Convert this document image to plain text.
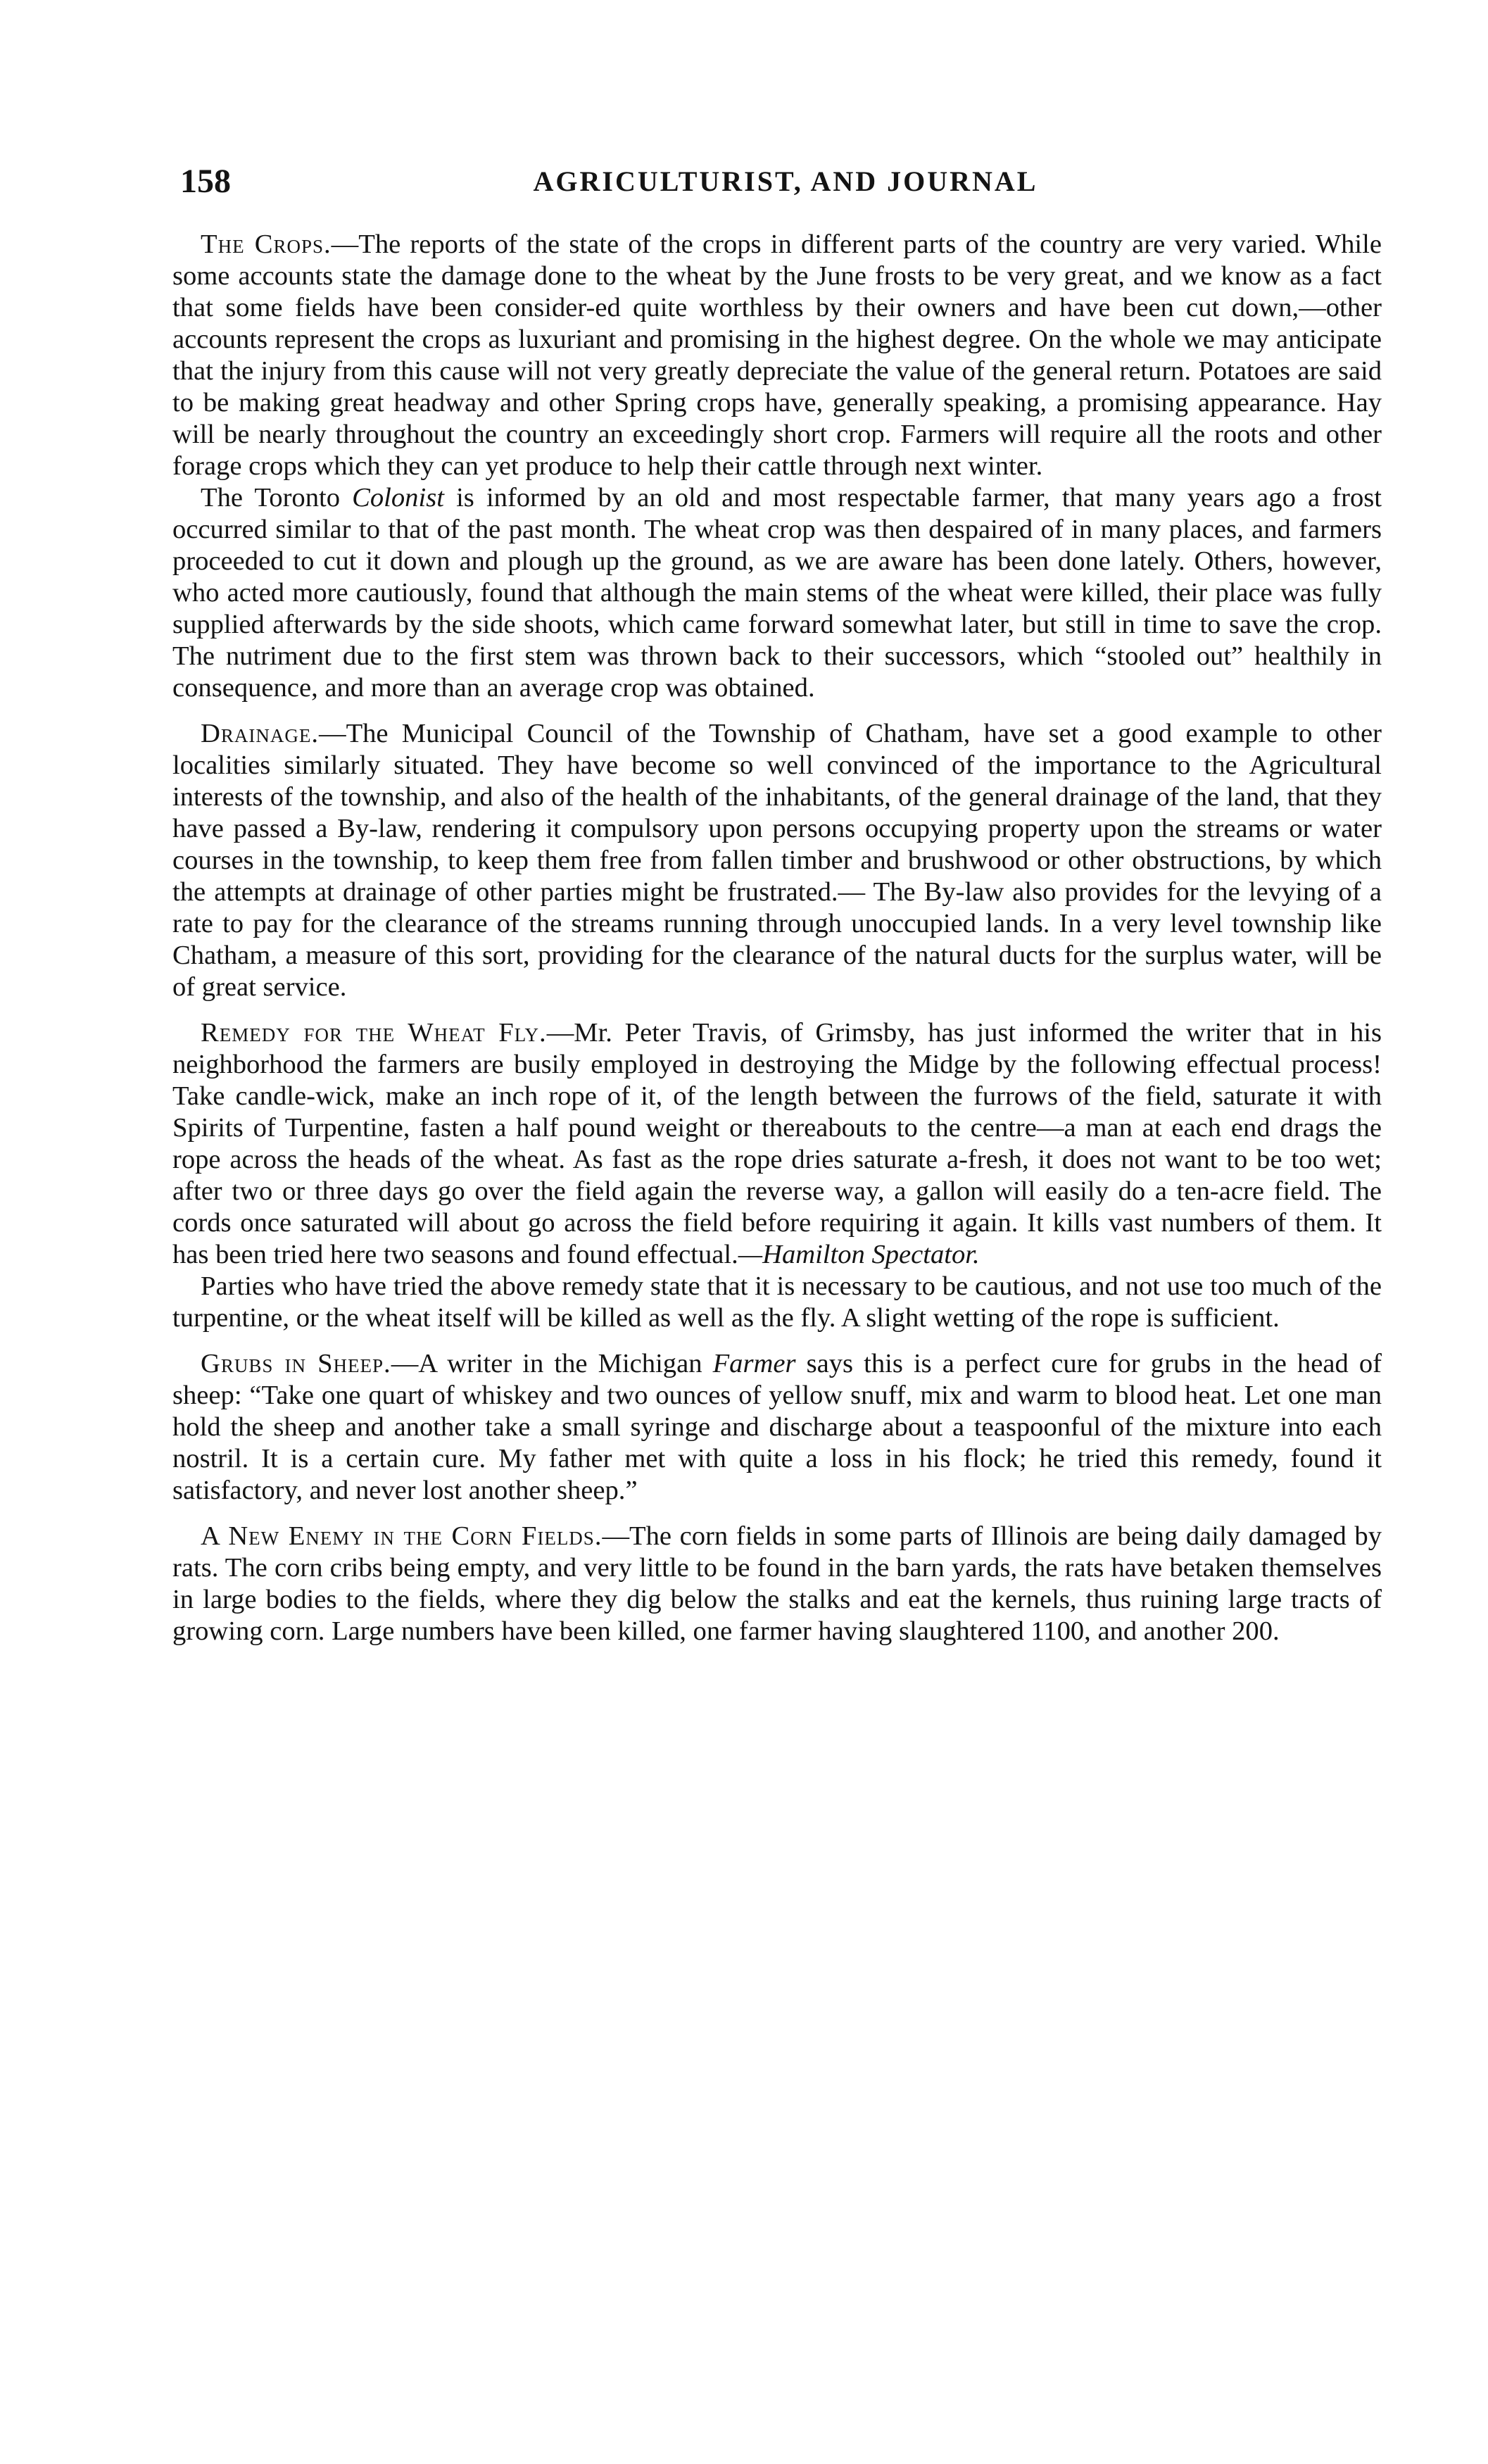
158	AGRICULTURIST, AND JOURNAL

The Crops.—The reports of the state of the crops in different parts of the country are very varied. While some accounts state the damage done to the wheat by the June frosts to be very great, and we know as a fact that some fields have been consider-ed quite worthless by their owners and have been cut down,—other accounts represent the crops as luxuriant and promising in the highest degree. On the whole we may anticipate that the injury from this cause will not very greatly depreciate the value of the general return. Potatoes are said to be making great headway and other Spring crops have, generally speaking, a promising appearance. Hay will be nearly throughout the country an exceedingly short crop. Farmers will require all the roots and other forage crops which they can yet produce to help their cattle through next winter.

The Toronto Colonist is informed by an old and most respectable farmer, that many years ago a frost occurred similar to that of the past month. The wheat crop was then despaired of in many places, and farmers proceeded to cut it down and plough up the ground, as we are aware has been done lately. Others, however, who acted more cautiously, found that although the main stems of the wheat were killed, their place was fully supplied afterwards by the side shoots, which came forward somewhat later, but still in time to save the crop. The nutriment due to the first stem was thrown back to their successors, which “stooled out” healthily in consequence, and more than an average crop was obtained.

Drainage.—The Municipal Council of the Township of Chatham, have set a good example to other localities similarly situated. They have become so well convinced of the importance to the Agricultural interests of the township, and also of the health of the inhabitants, of the general drainage of the land, that they have passed a By-law, rendering it compulsory upon persons occupying property upon the streams or water courses in the township, to keep them free from fallen timber and brushwood or other obstructions, by which the attempts at drainage of other parties might be frustrated.— The By-law also provides for the levying of a rate to pay for the clearance of the streams running through unoccupied lands. In a very level township like Chatham, a measure of this sort, providing for the clearance of the natural ducts for the surplus water, will be of great service.

Remedy for the Wheat Fly.—Mr. Peter Travis, of Grimsby, has just informed the writer that in his neighborhood the farmers are busily employed in destroying the Midge by the following effectual process! Take candle-wick, make an inch rope of it, of the length between the furrows of the field, saturate it with Spirits of Turpentine, fasten a half pound weight or thereabouts to the centre—a man at each end drags the rope across the heads of the wheat. As fast as the rope dries saturate a-fresh, it does not want to be too wet; after two or three days go over the field again the reverse way, a gallon will easily do a ten-acre field. The cords once saturated will about go across the field before requiring it again. It kills vast numbers of them. It has been tried here two seasons and found effectual.—Hamilton Spectator.

Parties who have tried the above remedy state that it is necessary to be cautious, and not use too much of the turpentine, or the wheat itself will be killed as well as the fly. A slight wetting of the rope is sufficient.

Grubs in Sheep.—A writer in the Michigan Farmer says this is a perfect cure for grubs in the head of sheep: “Take one quart of whiskey and two ounces of yellow snuff, mix and warm to blood heat. Let one man hold the sheep and another take a small syringe and discharge about a teaspoonful of the mixture into each nostril. It is a certain cure. My father met with quite a loss in his flock; he tried this remedy, found it satisfactory, and never lost another sheep.”

A New Enemy in the Corn Fields.—The corn fields in some parts of Illinois are being daily damaged by rats. The corn cribs being empty, and very little to be found in the barn yards, the rats have betaken themselves in large bodies to the fields, where they dig below the stalks and eat the kernels, thus ruining large tracts of growing corn. Large numbers have been killed, one farmer having slaughtered 1100, and another 200.
